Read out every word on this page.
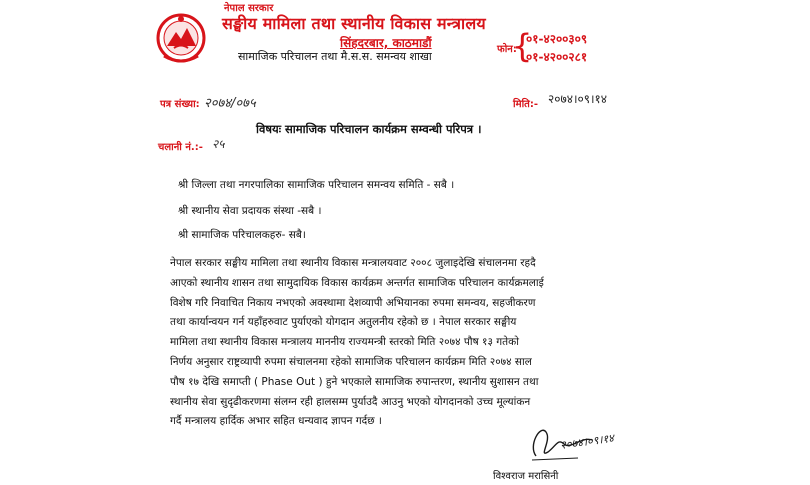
नेपाल सरकार
सङ्घीय मामिला तथा स्थानीय विकास मन्त्रालय
सिंहदरबार, काठमाडौं
सामाजिक परिचालन तथा मै.स.स. समन्वय शाखा
फोन:
{
०१-४२००३०९
०१-४२००२८१
पत्र संख्या: २०७४/०७५	मिति:- २०७४।०९।१४
चलानी नं.:- २५
विषयः सामाजिक परिचालन कार्यक्रम सम्वन्धी परिपत्र ।
श्री जिल्ला तथा नगरपालिका सामाजिक परिचालन समन्वय समिति - सबै ।
श्री स्थानीय सेवा प्रदायक संस्था -सबै ।
श्री सामाजिक परिचालकहरु- सबै।
नेपाल सरकार सङ्घीय मामिला तथा स्थानीय विकास मन्त्रालयवाट २००८ जुलाइदेखि संचालनमा रहदै
आएको स्थानीय शासन तथा सामुदायिक विकास कार्यक्रम अन्तर्गत सामाजिक परिचालन कार्यक्रमलाई
विशेष गरि निवाचित निकाय नभएको अवस्थामा देशव्यापी अभियानका रुपमा समन्वय, सहजीकरण
तथा कार्यान्वयन गर्न यहाँहरुवाट पुर्याएको योगदान अतुलनीय रहेको छ । नेपाल सरकार सङ्घीय
मामिला तथा स्थानीय विकास मन्त्रालय माननीय राज्यमन्त्री स्तरको मिति २०७४ पौष १३ गतेको
निर्णय अनुसार राष्ट्रव्यापी रुपमा संचालनमा रहेको सामाजिक परिचालन कार्यक्रम मिति २०७४ साल
पौष १७ देखि समाप्ती ( Phase Out ) हुने भएकाले सामाजिक रुपान्तरण, स्थानीय सुशासन तथा
स्थानीय सेवा सुदृढीकरणमा संलग्न रही हालसम्म पुर्याउदै आउनु भएको योगदानको उच्च मूल्यांकन
गर्दै मन्त्रालय हार्दिक अभार सहित धन्यवाद ज्ञापन गर्दछ ।
२०७४।०९।१४
विश्वराज मरासिनी
